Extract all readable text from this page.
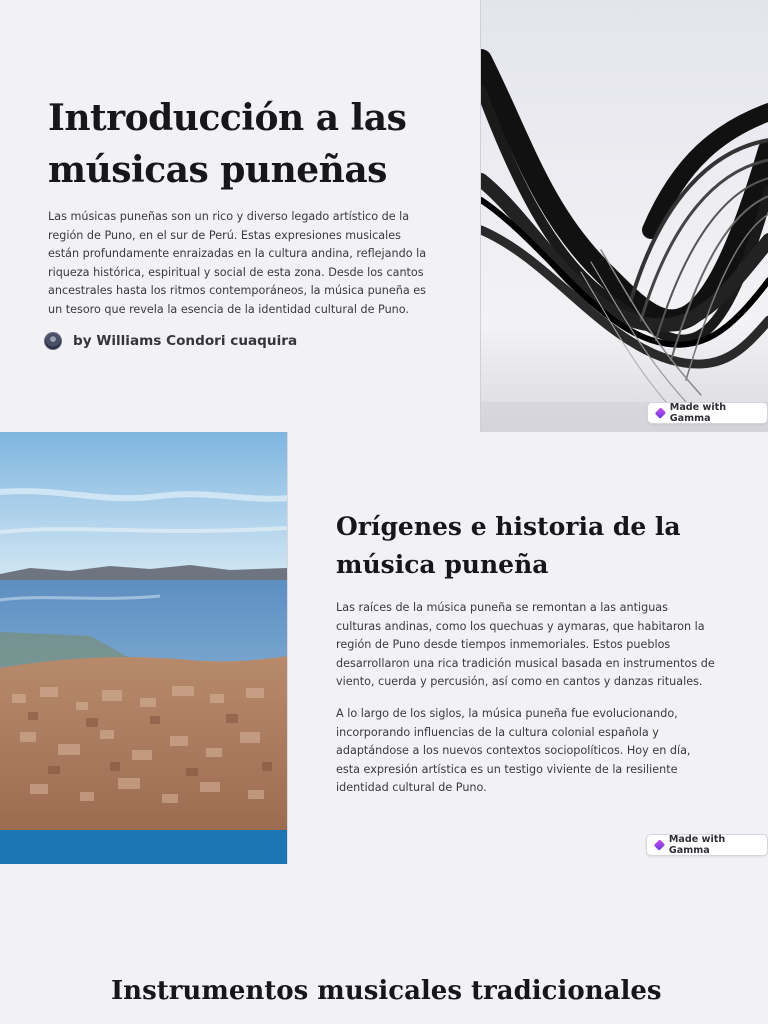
Introducción a las músicas puneñas

Las músicas puneñas son un rico y diverso legado artístico de la región de Puno, en el sur de Perú. Estas expresiones musicales están profundamente enraizadas en la cultura andina, reflejando la riqueza histórica, espiritual y social de esta zona. Desde los cantos ancestrales hasta los ritmos contemporáneos, la música puneña es un tesoro que revela la esencia de la identidad cultural de Puno.

by Williams Condori cuaquira
Made with Gamma
Orígenes e historia de la música puneña

Las raíces de la música puneña se remontan a las antiguas culturas andinas, como los quechuas y aymaras, que habitaron la región de Puno desde tiempos inmemoriales. Estos pueblos desarrollaron una rica tradición musical basada en instrumentos de viento, cuerda y percusión, así como en cantos y danzas rituales.

A lo largo de los siglos, la música puneña fue evolucionando, incorporando influencias de la cultura colonial española y adaptándose a los nuevos contextos sociopolíticos. Hoy en día, esta expresión artística es un testigo viviente de la resiliente identidad cultural de Puno.

Made with Gamma
Instrumentos musicales tradicionales
